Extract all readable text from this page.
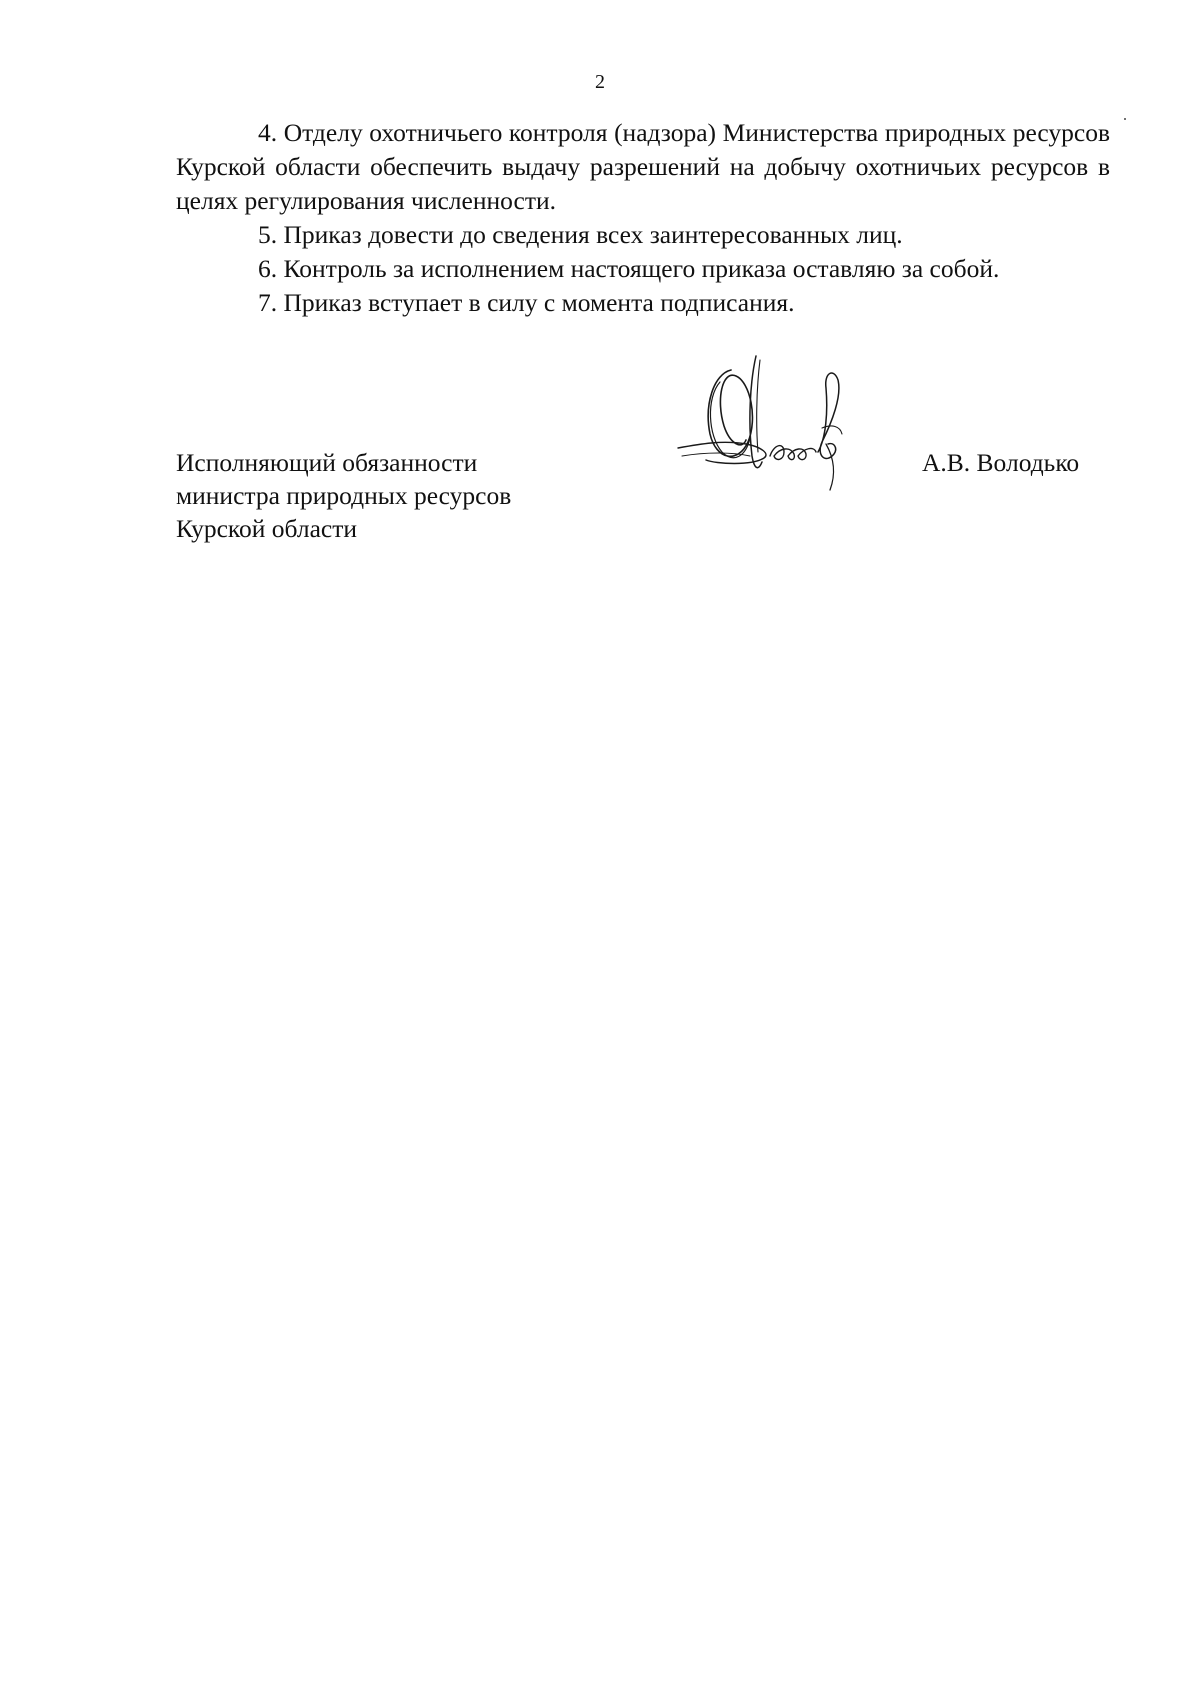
2

4. Отделу охотничьего контроля (надзора) Министерства природных ресурсов Курской области обеспечить выдачу разрешений на добычу охотничьих ресурсов в целях регулирования численности.

5. Приказ довести до сведения всех заинтересованных лиц.

6. Контроль за исполнением настоящего приказа оставляю за собой.

7. Приказ вступает в силу с момента подписания.

Исполняющий обязанности
министра природных ресурсов
Курской области
А.В. Володько
